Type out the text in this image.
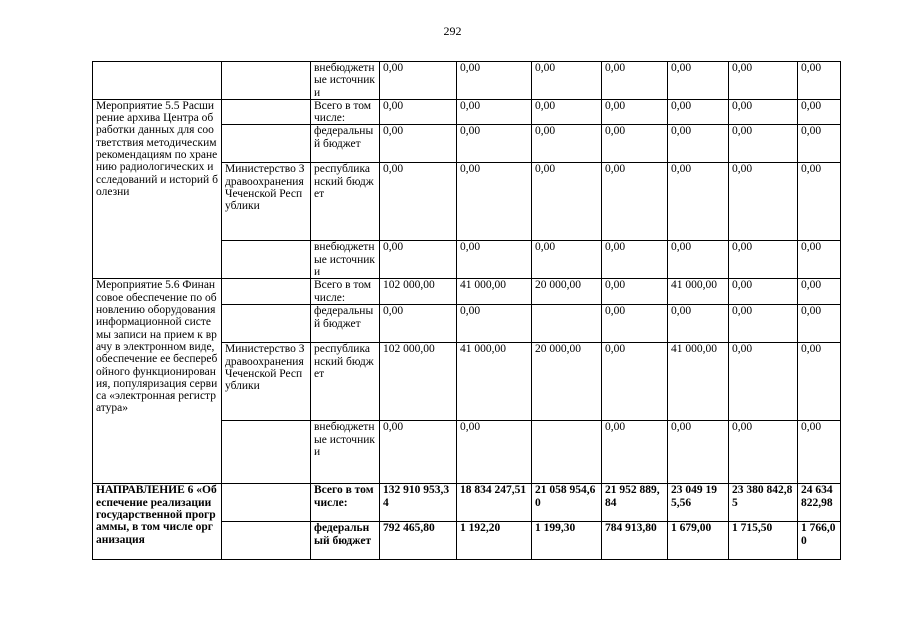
292
		внебюджетные источники	0,00	0,00	0,00	0,00	0,00	0,00	0,00
Мероприятие 5.5 Расширение архива Центра обработки данных для соответствия методическим рекомендациям по хранению радиологических исследований и историй болезни		Всего в том числе:	0,00	0,00	0,00	0,00	0,00	0,00	0,00
		федеральный бюджет	0,00	0,00	0,00	0,00	0,00	0,00	0,00
	Министерство Здравоохранения Чеченской Республики	республиканский бюджет	0,00	0,00	0,00	0,00	0,00	0,00	0,00
		внебюджетные источники	0,00	0,00	0,00	0,00	0,00	0,00	0,00
Мероприятие 5.6 Финансовое обеспечение по обновлению оборудования информационной системы записи на прием к врачу в электронном виде, обеспечение ее бесперебойного функционирования, популяризация сервиса «электронная регистратура»		Всего в том числе:	102 000,00	41 000,00	20 000,00	0,00	41 000,00	0,00	0,00
		федеральный бюджет	0,00	0,00		0,00	0,00	0,00	0,00
	Министерство Здравоохранения Чеченской Республики	республиканский бюджет	102 000,00	41 000,00	20 000,00	0,00	41 000,00	0,00	0,00
		внебюджетные источники	0,00	0,00		0,00	0,00	0,00	0,00
НАПРАВЛЕНИЕ 6 «Обеспечение реализации государственной программы, в том числе организация		Всего в том числе:	132 910 953,34	18 834 247,51	21 058 954,60	21 952 889,84	23 049 195,56	23 380 842,85	24 634 822,98
		федеральный бюджет	792 465,80	1 192,20	1 199,30	784 913,80	1 679,00	1 715,50	1 766,00
